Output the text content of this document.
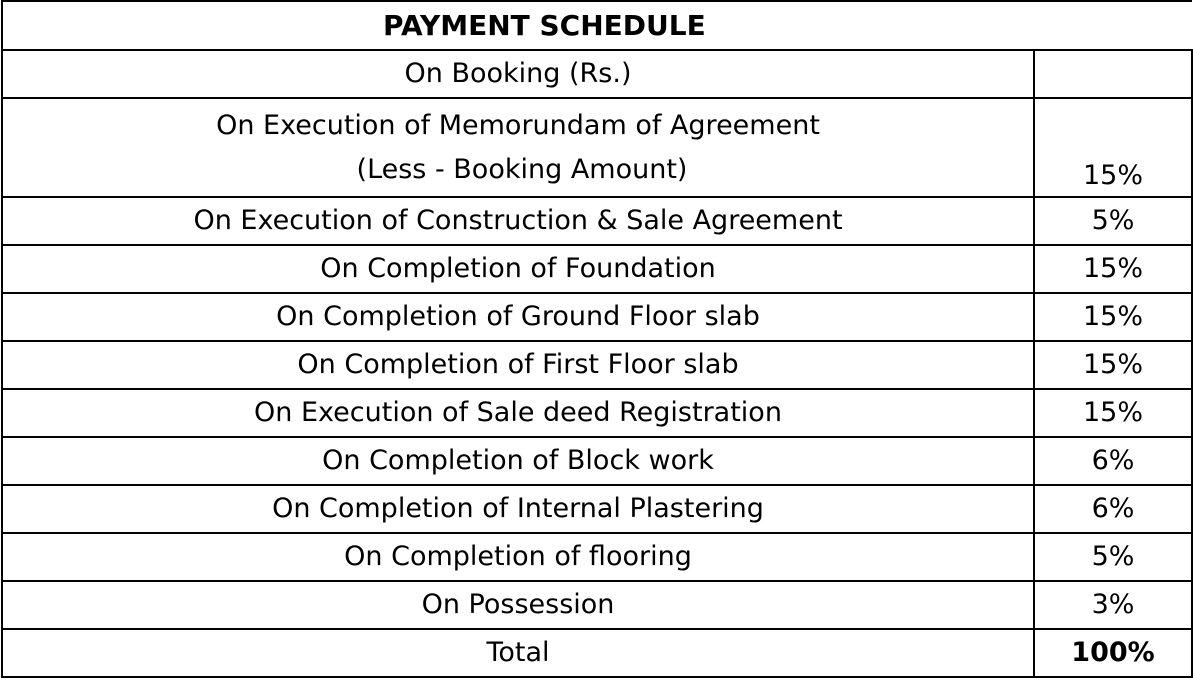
PAYMENT SCHEDULE	
On Booking (Rs.)	

On Execution of Memorundam of Agreement
(Less - Booking Amount)	15%
On Execution of Construction & Sale Agreement	5%
On Completion of Foundation	15%
On Completion of Ground Floor slab	15%
On Completion of First Floor slab	15%
On Execution of Sale deed Registration	15%
On Completion of Block work	6%
On Completion of Internal Plastering	6%
On Completion of flooring	5%
On Possession	3%
Total	100%
